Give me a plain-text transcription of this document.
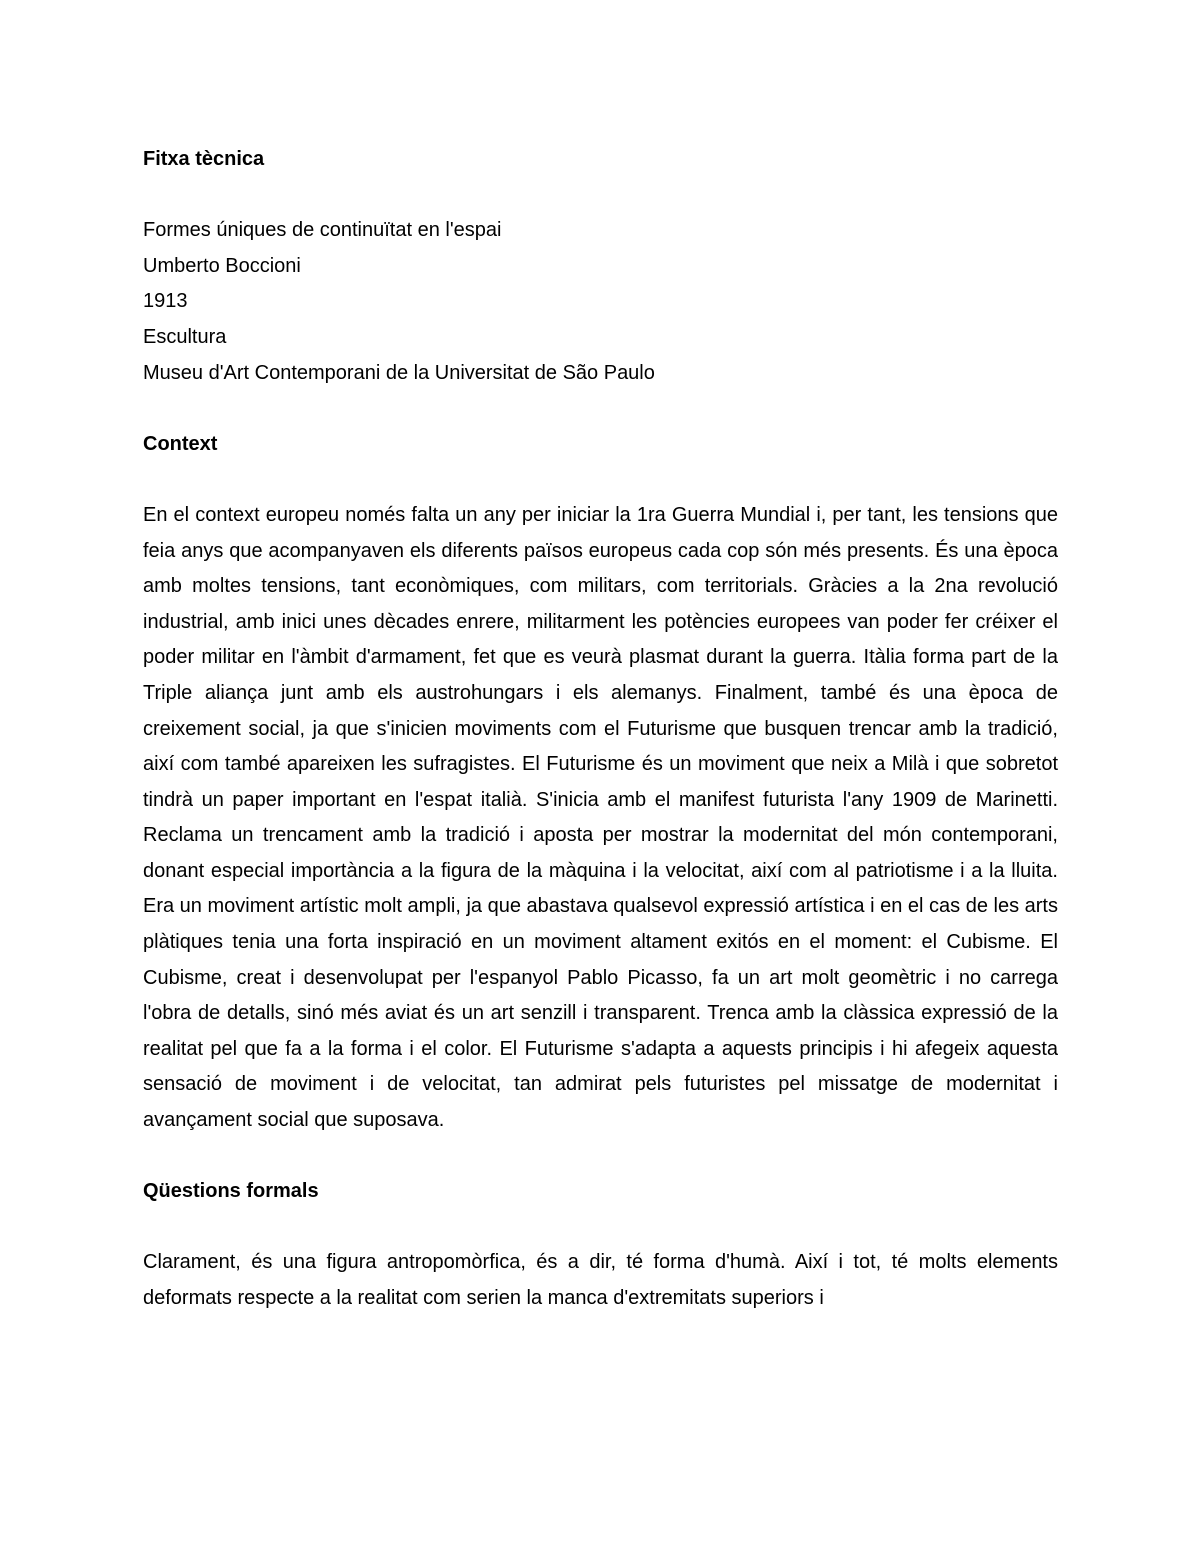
Fitxa tècnica

Formes úniques de continuïtat en l'espai

Umberto Boccioni

1913

Escultura

Museu d'Art Contemporani de la Universitat de São Paulo

Context

En el context europeu només falta un any per iniciar la 1ra Guerra Mundial i, per tant, les tensions que feia anys que acompanyaven els diferents països europeus cada cop són més presents. És una època amb moltes tensions, tant econòmiques, com militars, com territorials. Gràcies a la 2na revolució industrial, amb inici unes dècades enrere, militarment les potències europees van poder fer créixer el poder militar en l'àmbit d'armament, fet que es veurà plasmat durant la guerra. Itàlia forma part de la Triple aliança junt amb els austrohungars i els alemanys. Finalment, també és una època de creixement social, ja que s'inicien moviments com el Futurisme que busquen trencar amb la tradició, així com també apareixen les sufragistes. El Futurisme és un moviment que neix a Milà i que sobretot tindrà un paper important en l'espat italià. S'inicia amb el manifest futurista l'any 1909 de Marinetti. Reclama un trencament amb la tradició i aposta per mostrar la modernitat del món contemporani, donant especial importància a la figura de la màquina i la velocitat, així com al patriotisme i a la lluita. Era un moviment artístic molt ampli, ja que abastava qualsevol expressió artística i en el cas de les arts plàtiques tenia una forta inspiració en un moviment altament exitós en el moment: el Cubisme. El Cubisme, creat i desenvolupat per l'espanyol Pablo Picasso, fa un art molt geomètric i no carrega l'obra de detalls, sinó més aviat és un art senzill i transparent. Trenca amb la clàssica expressió de la realitat pel que fa a la forma i el color. El Futurisme s'adapta a aquests principis i hi afegeix aquesta sensació de moviment i de velocitat, tan admirat pels futuristes pel missatge de modernitat i avançament social que suposava.

Qüestions formals

Clarament, és una figura antropomòrfica, és a dir, té forma d'humà. Així i tot, té molts elements deformats respecte a la realitat com serien la manca d'extremitats superiors i
